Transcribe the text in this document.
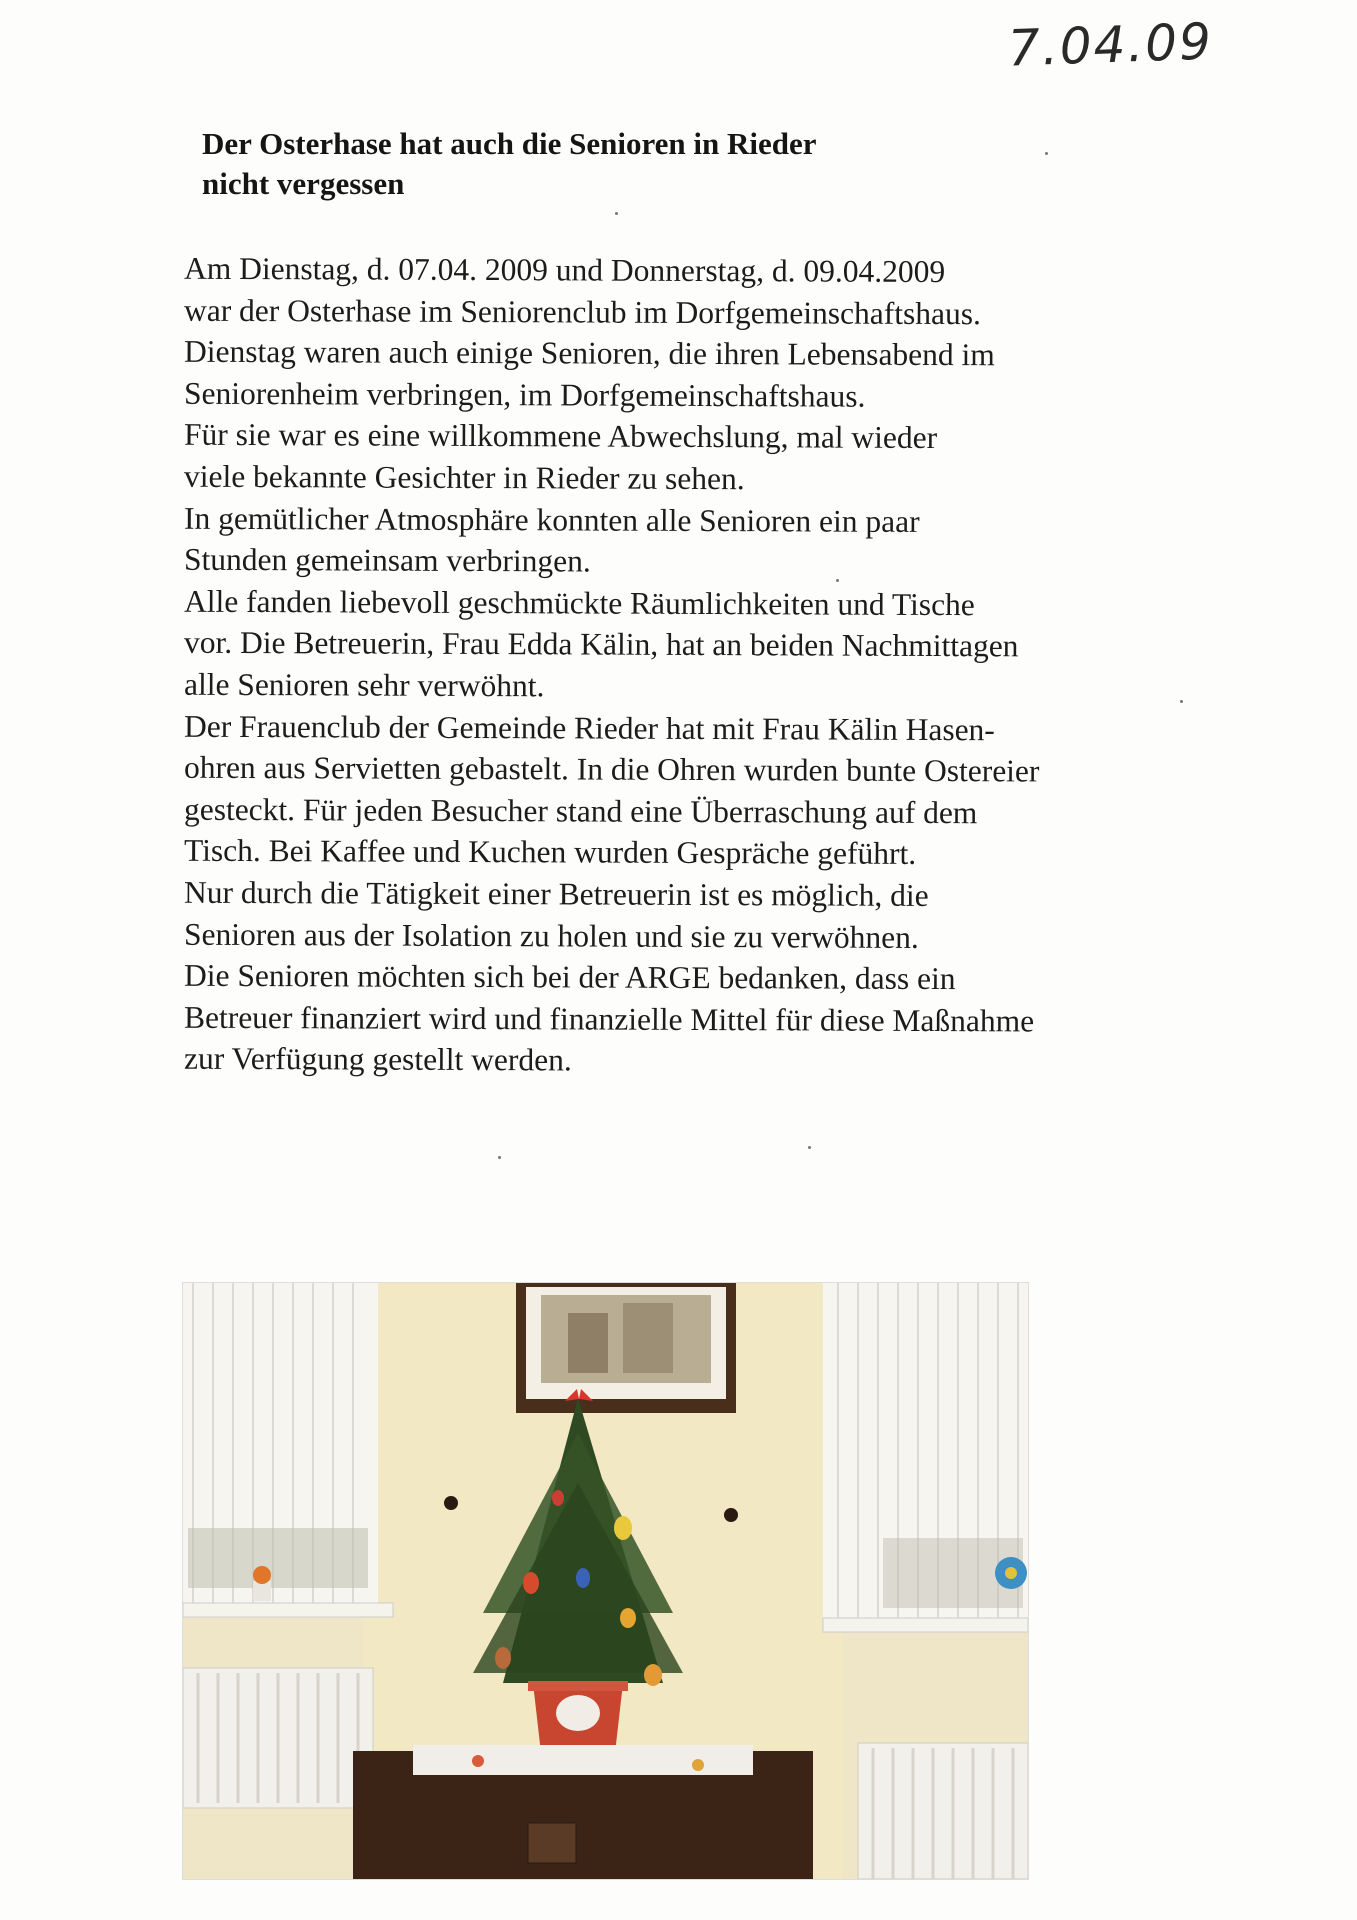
7.04.09
Der Osterhase hat auch die Senioren in Rieder
nicht vergessen
Am Dienstag, d. 07.04. 2009 und Donnerstag, d. 09.04.2009
war der Osterhase im Seniorenclub im Dorfgemeinschaftshaus.
Dienstag waren auch einige Senioren, die ihren Lebensabend im
Seniorenheim verbringen, im Dorfgemeinschaftshaus.
Für sie war es eine willkommene Abwechslung, mal wieder
viele bekannte Gesichter in Rieder zu sehen.
In gemütlicher Atmosphäre konnten alle Senioren ein paar
Stunden gemeinsam verbringen.
Alle fanden liebevoll geschmückte Räumlichkeiten und Tische
vor. Die Betreuerin, Frau Edda Kälin, hat an beiden Nachmittagen
alle Senioren sehr verwöhnt.
Der Frauenclub der Gemeinde Rieder hat mit Frau Kälin Hasen-
ohren aus Servietten gebastelt. In die Ohren wurden bunte Ostereier
gesteckt. Für jeden Besucher stand eine Überraschung auf dem
Tisch. Bei Kaffee und Kuchen wurden Gespräche geführt.
Nur durch die Tätigkeit einer Betreuerin ist es möglich, die
Senioren aus der Isolation zu holen und sie zu verwöhnen.
Die Senioren möchten sich bei der ARGE bedanken, dass ein
Betreuer finanziert wird und finanzielle Mittel für diese Maßnahme
zur Verfügung gestellt werden.
